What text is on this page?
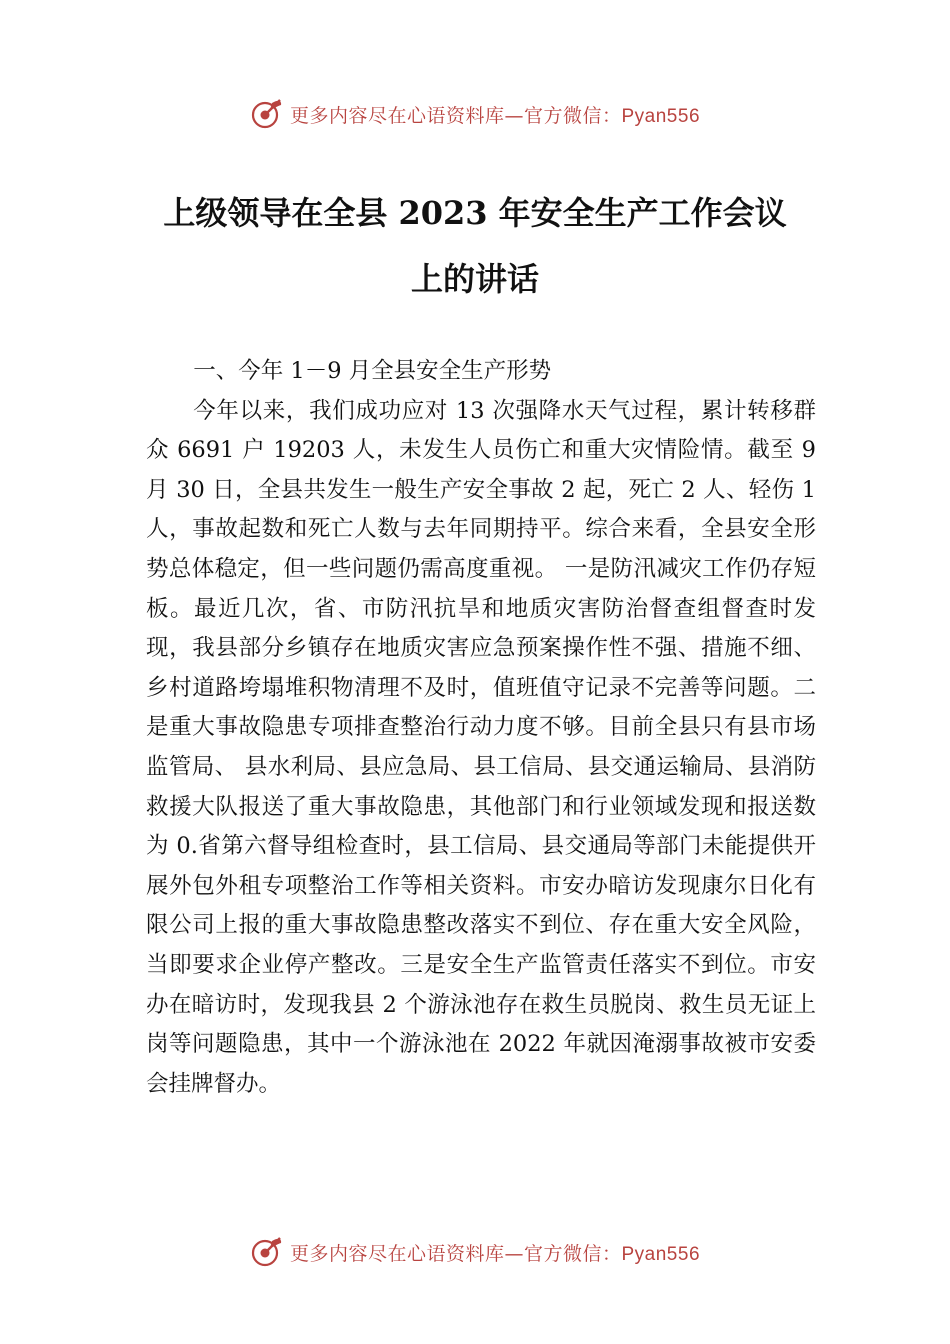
更多内容尽在心语资料库—官方微信：Pyan556
上级领导在全县 2023 年安全生产工作会议
上的讲话

一、今年 1－9 月全县安全生产形势

今年以来，我们成功应对 13 次强降水天气过程，累计转移群众 6691 户 19203 人，未发生人员伤亡和重大灾情险情。截至 9 月 30 日，全县共发生一般生产安全事故 2 起，死亡 2 人、轻伤 1 人，事故起数和死亡人数与去年同期持平。综合来看，全县安全形势总体稳定，但一些问题仍需高度重视。 一是防汛减灾工作仍存短板。最近几次，省、市防汛抗旱和地质灾害防治督查组督查时发现，我县部分乡镇存在地质灾害应急预案操作性不强、措施不细、乡村道路垮塌堆积物清理不及时，值班值守记录不完善等问题。二是重大事故隐患专项排查整治行动力度不够。目前全县只有县市场监管局、 县水利局、县应急局、县工信局、县交通运输局、县消防救援大队报送了重大事故隐患，其他部门和行业领域发现和报送数为 0.省第六督导组检查时，县工信局、县交通局等部门未能提供开展外包外租专项整治工作等相关资料。市安办暗访发现康尔日化有限公司上报的重大事故隐患整改落实不到位、存在重大安全风险，当即要求企业停产整改。三是安全生产监管责任落实不到位。市安办在暗访时，发现我县 2 个游泳池存在救生员脱岗、救生员无证上岗等问题隐患，其中一个游泳池在 2022 年就因淹溺事故被市安委会挂牌督办。

更多内容尽在心语资料库—官方微信：Pyan556
